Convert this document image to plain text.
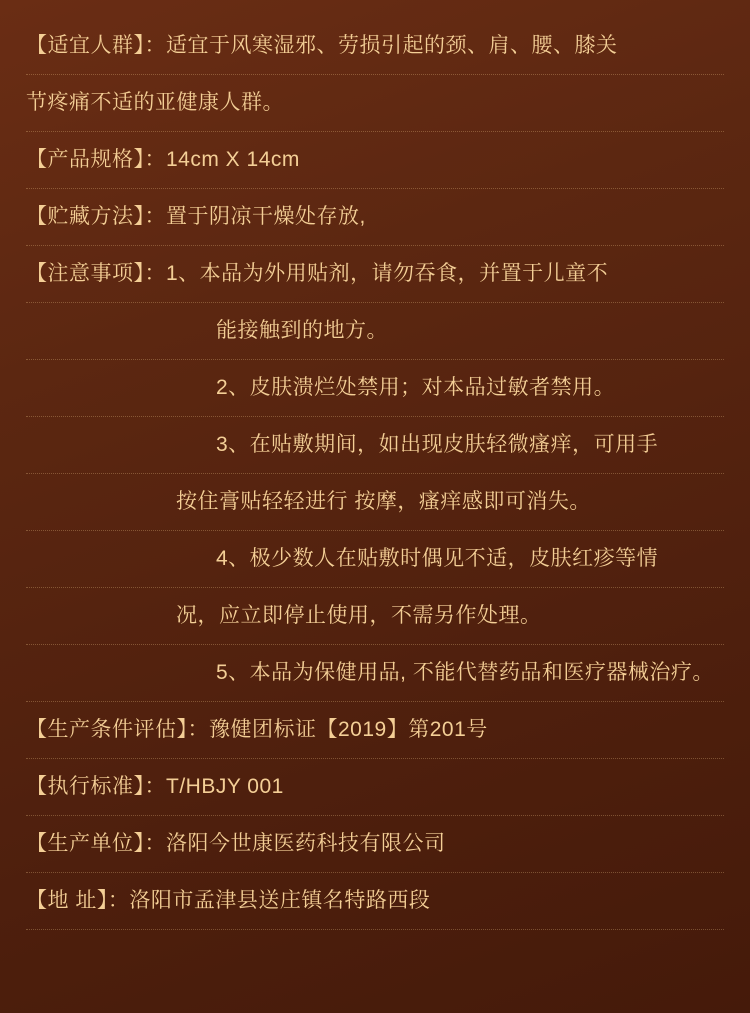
【适宜人群】：适宜于风寒湿邪、劳损引起的颈、肩、腰、膝关
节疼痛不适的亚健康人群。
【产品规格】：14cm X 14cm
【贮藏方法】：置于阴凉干燥处存放,
【注意事项】：1、本品为外用贴剂，请勿吞食，并置于儿童不
能接触到的地方。
2、皮肤溃烂处禁用；对本品过敏者禁用。
3、在贴敷期间，如出现皮肤轻微瘙痒，可用手
按住膏贴轻轻进行 按摩，瘙痒感即可消失。
4、极少数人在贴敷时偶见不适，皮肤红疹等情
况，应立即停止使用，不需另作处理。
5、本品为保健用品, 不能代替药品和医疗器械治疗。
【生产条件评估】：豫健团标证【2019】第201号
【执行标准】：T/HBJY 001
【生产单位】：洛阳今世康医药科技有限公司
【地 址】：洛阳市孟津县送庄镇名特路西段
